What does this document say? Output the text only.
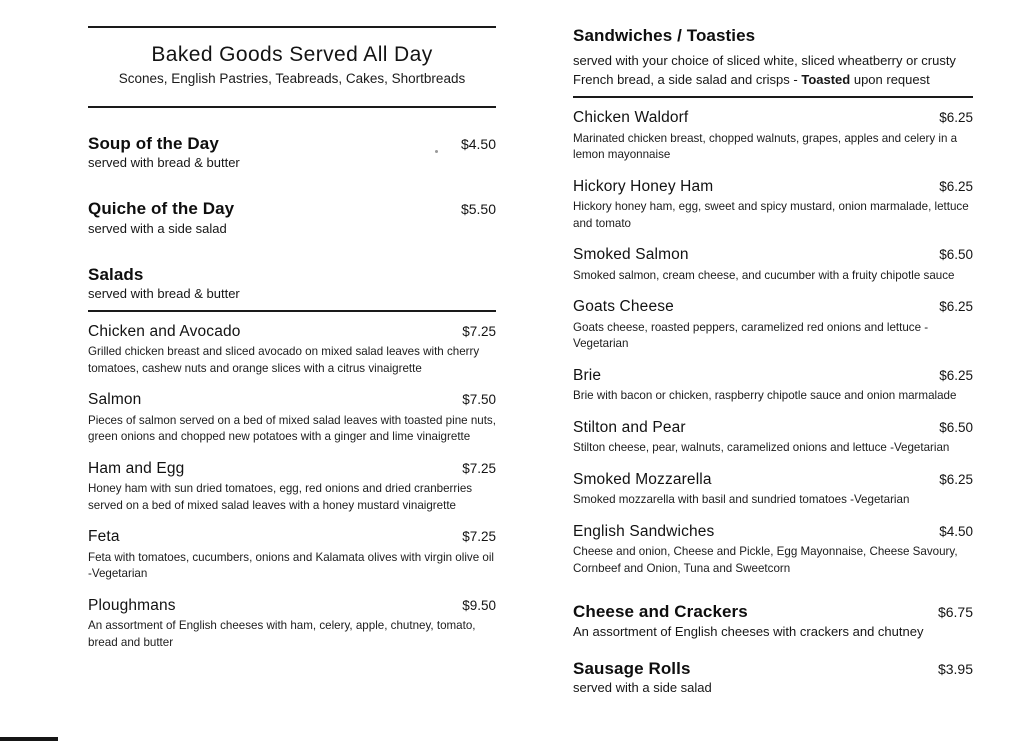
Baked Goods Served All Day
Scones, English Pastries, Teabreads, Cakes, Shortbreads
Soup of the Day	$4.50
served with bread & butter
Quiche of the Day	$5.50
served with a side salad
Salads
served with bread & butter
Chicken and Avocado	$7.25
Grilled chicken breast and sliced avocado on mixed salad leaves with cherry tomatoes, cashew nuts and orange slices with a citrus vinaigrette
Salmon	$7.50
Pieces of salmon served on a bed of mixed salad leaves with toasted pine nuts, green onions and chopped new potatoes with a ginger and lime vinaigrette
Ham and Egg	$7.25
Honey ham with sun dried tomatoes, egg, red onions and dried cranberries served on a bed of mixed salad leaves with a honey mustard vinaigrette
Feta	$7.25
Feta with tomatoes, cucumbers, onions and Kalamata olives with virgin olive oil -Vegetarian
Ploughmans	$9.50
An assortment of English cheeses with ham, celery, apple, chutney, tomato, bread and butter
Sandwiches / Toasties
served with your choice of sliced white, sliced wheatberry or crusty French bread, a side salad and crisps - Toasted upon request
Chicken Waldorf	$6.25
Marinated chicken breast, chopped walnuts, grapes, apples and celery in a lemon mayonnaise
Hickory Honey Ham	$6.25
Hickory honey ham, egg, sweet and spicy mustard, onion marmalade, lettuce and tomato
Smoked Salmon	$6.50
Smoked salmon, cream cheese, and cucumber with a fruity chipotle sauce
Goats Cheese	$6.25
Goats cheese, roasted peppers, caramelized red onions and lettuce -Vegetarian
Brie	$6.25
Brie with bacon or chicken, raspberry chipotle sauce and onion marmalade
Stilton and Pear	$6.50
Stilton cheese, pear, walnuts, caramelized onions and lettuce -Vegetarian
Smoked Mozzarella	$6.25
Smoked mozzarella with basil and sundried tomatoes -Vegetarian
English Sandwiches	$4.50
Cheese and onion, Cheese and Pickle, Egg Mayonnaise, Cheese Savoury, Cornbeef and Onion, Tuna and Sweetcorn
Cheese and Crackers	$6.75
An assortment of English cheeses with crackers and chutney
Sausage Rolls	$3.95
served with a side salad
